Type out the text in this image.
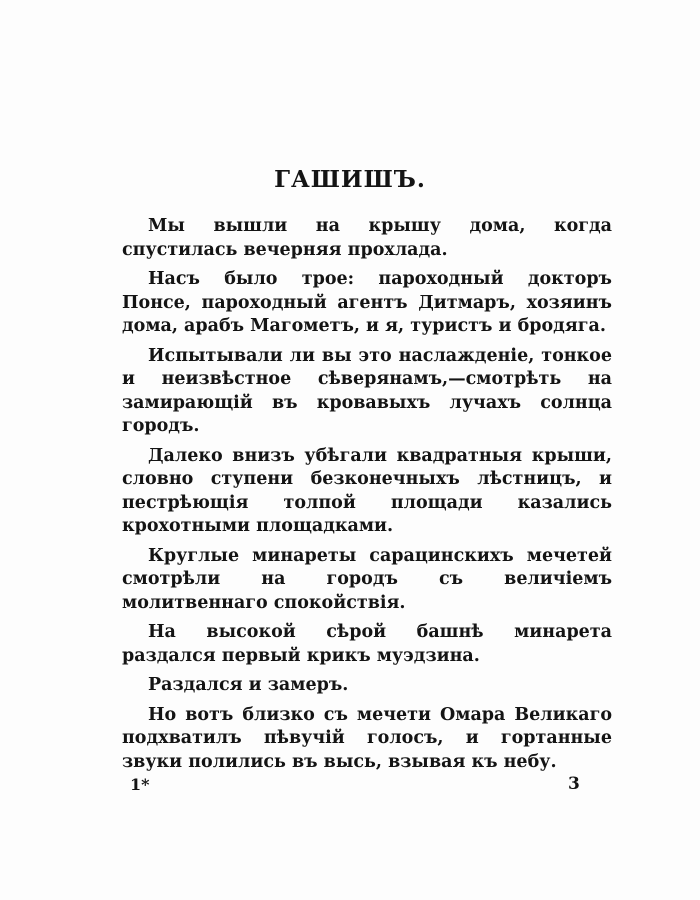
ГАШИШЪ.

Мы вышли на крышу дома, когда спустилась вечерняя прохлада.

Насъ было трое: пароходный докторъ Понсе, пароходный агентъ Дитмаръ, хозяинъ дома, арабъ Магометъ, и я, туристъ и бродяга.

Испытывали ли вы это наслажденіе, тонкое и неизвѣстное сѣверянамъ,—смотрѣть на замирающій въ кровавыхъ лучахъ солнца городъ.

Далеко внизъ убѣгали квадратныя крыши, словно ступени безконечныхъ лѣстницъ, и пестрѣющія толпой площади казались крохотными площадками.

Круглые минареты сарацинскихъ мечетей смотрѣли на городъ съ величіемъ молитвеннаго спокойствія.

На высокой сѣрой башнѣ минарета раздался первый крикъ муэдзина.

Раздался и замеръ.

Но вотъ близко съ мечети Омара Великаго подхватилъ пѣвучій голосъ, и гортанные звуки полились въ высь, взывая къ небу.

1*	3
